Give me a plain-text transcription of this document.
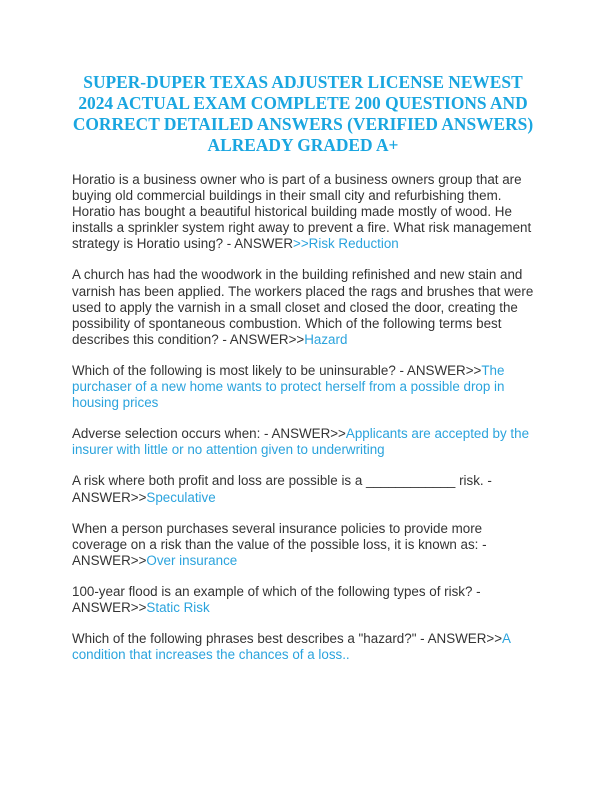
SUPER-DUPER TEXAS ADJUSTER LICENSE NEWEST 2024 ACTUAL EXAM COMPLETE 200 QUESTIONS AND CORRECT DETAILED ANSWERS (VERIFIED ANSWERS) ALREADY GRADED A+

Horatio is a business owner who is part of a business owners group that are buying old commercial buildings in their small city and refurbishing them. Horatio has bought a beautiful historical building made mostly of wood. He installs a sprinkler system right away to prevent a fire. What risk management strategy is Horatio using? - ANSWER>>Risk Reduction

A church has had the woodwork in the building refinished and new stain and varnish has been applied. The workers placed the rags and brushes that were used to apply the varnish in a small closet and closed the door, creating the possibility of spontaneous combustion. Which of the following terms best describes this condition? - ANSWER>>Hazard

Which of the following is most likely to be uninsurable? - ANSWER>>The purchaser of a new home wants to protect herself from a possible drop in housing prices

Adverse selection occurs when: - ANSWER>>Applicants are accepted by the insurer with little or no attention given to underwriting

A risk where both profit and loss are possible is a ____________ risk. - ANSWER>>Speculative

When a person purchases several insurance policies to provide more coverage on a risk than the value of the possible loss, it is known as: - ANSWER>>Over insurance

100-year flood is an example of which of the following types of risk? - ANSWER>>Static Risk

Which of the following phrases best describes a "hazard?" - ANSWER>>A condition that increases the chances of a loss..
